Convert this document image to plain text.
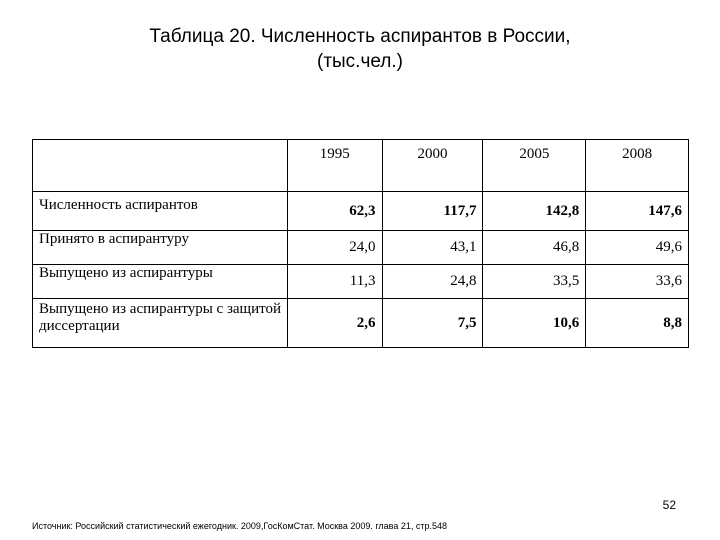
Таблица 20. Численность аспирантов в России,
(тыс.чел.)
	1995	2000	2005	2008
Численность аспирантов	62,3	117,7	142,8	147,6
Принято в аспирантуру	24,0	43,1	46,8	49,6
Выпущено из аспирантуры	11,3	24,8	33,5	33,6
Выпущено из аспирантуры с защитой диссертации	2,6	7,5	10,6	8,8
52
Источник: Российский статистический ежегодник. 2009,ГосКомСтат. Москва 2009. глава 21, стр.548
